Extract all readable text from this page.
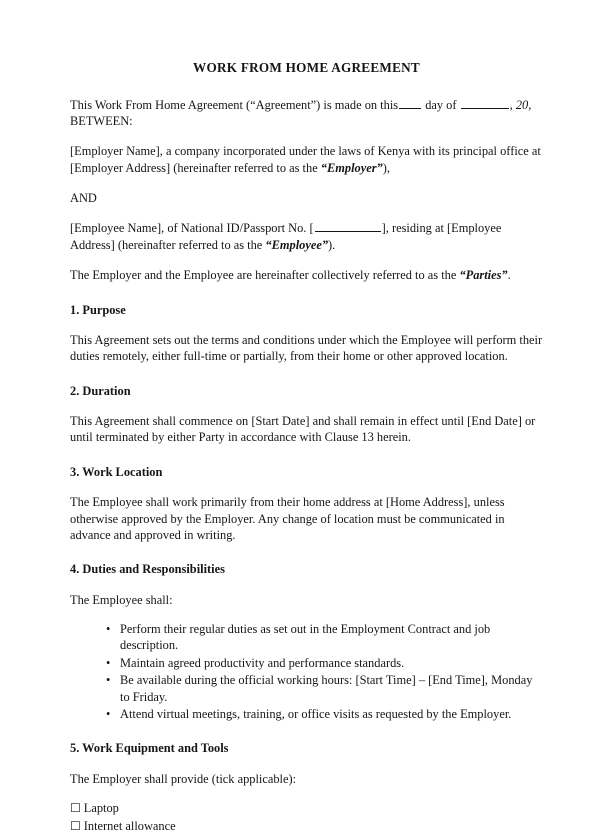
WORK FROM HOME AGREEMENT

This Work From Home Agreement (“Agreement”) is made on this day of	, 20,
BETWEEN:

[Employer Name], a company incorporated under the laws of Kenya with its principal office at [Employer Address] (hereinafter referred to as the “Employer”),

AND

[Employee Name], of National ID/Passport No. [	], residing at [Employee Address] (hereinafter referred to as the “Employee”).

The Employer and the Employee are hereinafter collectively referred to as the “Parties”.

1. Purpose

This Agreement sets out the terms and conditions under which the Employee will perform their duties remotely, either full-time or partially, from their home or other approved location.

2. Duration

This Agreement shall commence on [Start Date] and shall remain in effect until [End Date] or until terminated by either Party in accordance with Clause 13 herein.

3. Work Location

The Employee shall work primarily from their home address at [Home Address], unless otherwise approved by the Employer. Any change of location must be communicated in advance and approved in writing.

4. Duties and Responsibilities

The Employee shall:

• Perform their regular duties as set out in the Employment Contract and job description.
• Maintain agreed productivity and performance standards.
• Be available during the official working hours: [Start Time] – [End Time], Monday to Friday.
• Attend virtual meetings, training, or office visits as requested by the Employer.
5. Work Equipment and Tools

The Employer shall provide (tick applicable):

☐ Laptop
☐ Internet allowance
